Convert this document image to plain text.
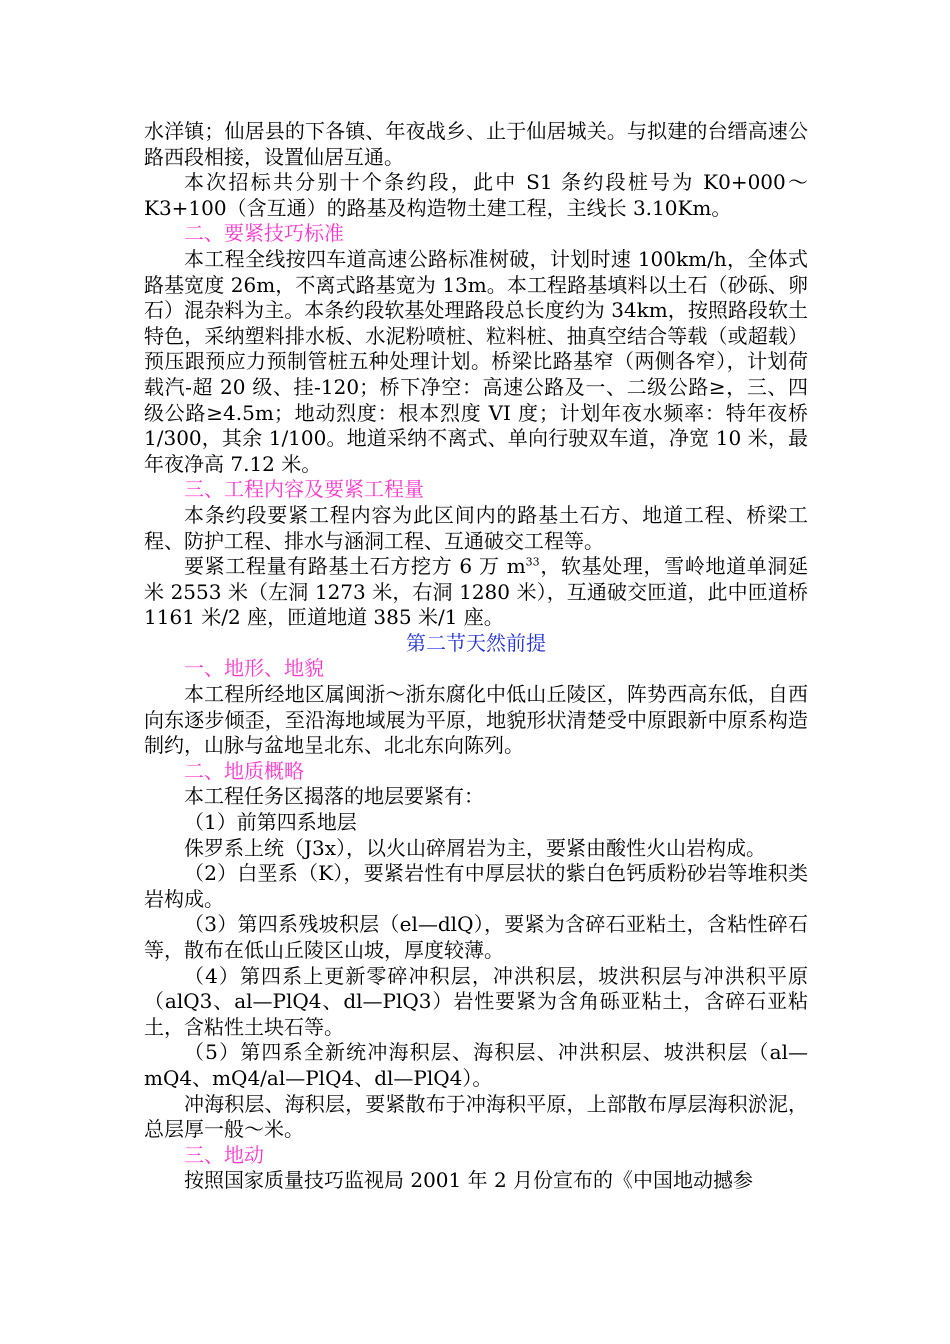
水洋镇；仙居县的下各镇、年夜战乡、止于仙居城关。与拟建的台缙高速公路西段相接，设置仙居互通。

本次招标共分别十个条约段，此中 S1 条约段桩号为 K0+000～K3+100（含互通）的路基及构造物土建工程，主线长 3.10Km。

二、要紧技巧标准

本工程全线按四车道高速公路标准树破，计划时速 100km/h，全体式路基宽度 26m，不离式路基宽为 13m。本工程路基填料以土石（砂砾、卵石）混杂料为主。本条约段软基处理路段总长度约为 34km，按照路段软土特色，采纳塑料排水板、水泥粉喷桩、粒料桩、抽真空结合等载（或超载）预压跟预应力预制管桩五种处理计划。桥梁比路基窄（两侧各窄），计划荷载汽-超 20 级、挂-120；桥下净空：高速公路及一、二级公路≥，三、四级公路≥4.5m；地动烈度：根本烈度 VI 度；计划年夜水频率：特年夜桥 1/300，其余 1/100。地道采纳不离式、单向行驶双车道，净宽 10 米，最年夜净高 7.12 米。

三、工程内容及要紧工程量

本条约段要紧工程内容为此区间内的路基土石方、地道工程、桥梁工程、防护工程、排水与涵洞工程、互通破交工程等。

要紧工程量有路基土石方挖方 6 万 $m^{33}$，软基处理，雪岭地道单洞延米 2553 米（左洞 1273 米，右洞 1280 米），互通破交匝道，此中匝道桥 1161 米/2 座，匝道地道 385 米/1 座。

第二节天然前提

一、地形、地貌

本工程所经地区属闽浙～浙东腐化中低山丘陵区，阵势西高东低，自西向东逐步倾歪，至沿海地域展为平原，地貌形状清楚受中原跟新中原系构造制约，山脉与盆地呈北东、北北东向陈列。

二、地质概略

本工程任务区揭落的地层要紧有：

（1）前第四系地层

侏罗系上统（J3x），以火山碎屑岩为主，要紧由酸性火山岩构成。

（2）白垩系（K），要紧岩性有中厚层状的紫白色钙质粉砂岩等堆积类岩构成。

（3）第四系残坡积层（el—dlQ），要紧为含碎石亚粘土，含粘性碎石等，散布在低山丘陵区山坡，厚度较薄。

（4）第四系上更新零碎冲积层，冲洪积层，坡洪积层与冲洪积平原（alQ3、al—PlQ4、dl—PlQ3）岩性要紧为含角砾亚粘土，含碎石亚粘土，含粘性土块石等。

（5）第四系全新统冲海积层、海积层、冲洪积层、坡洪积层（al—mQ4、mQ4/al—PlQ4、dl—PlQ4）。

冲海积层、海积层，要紧散布于冲海积平原，上部散布厚层海积淤泥，总层厚一般～米。

三、地动

按照国家质量技巧监视局 2001 年 2 月份宣布的《中国地动撼参
